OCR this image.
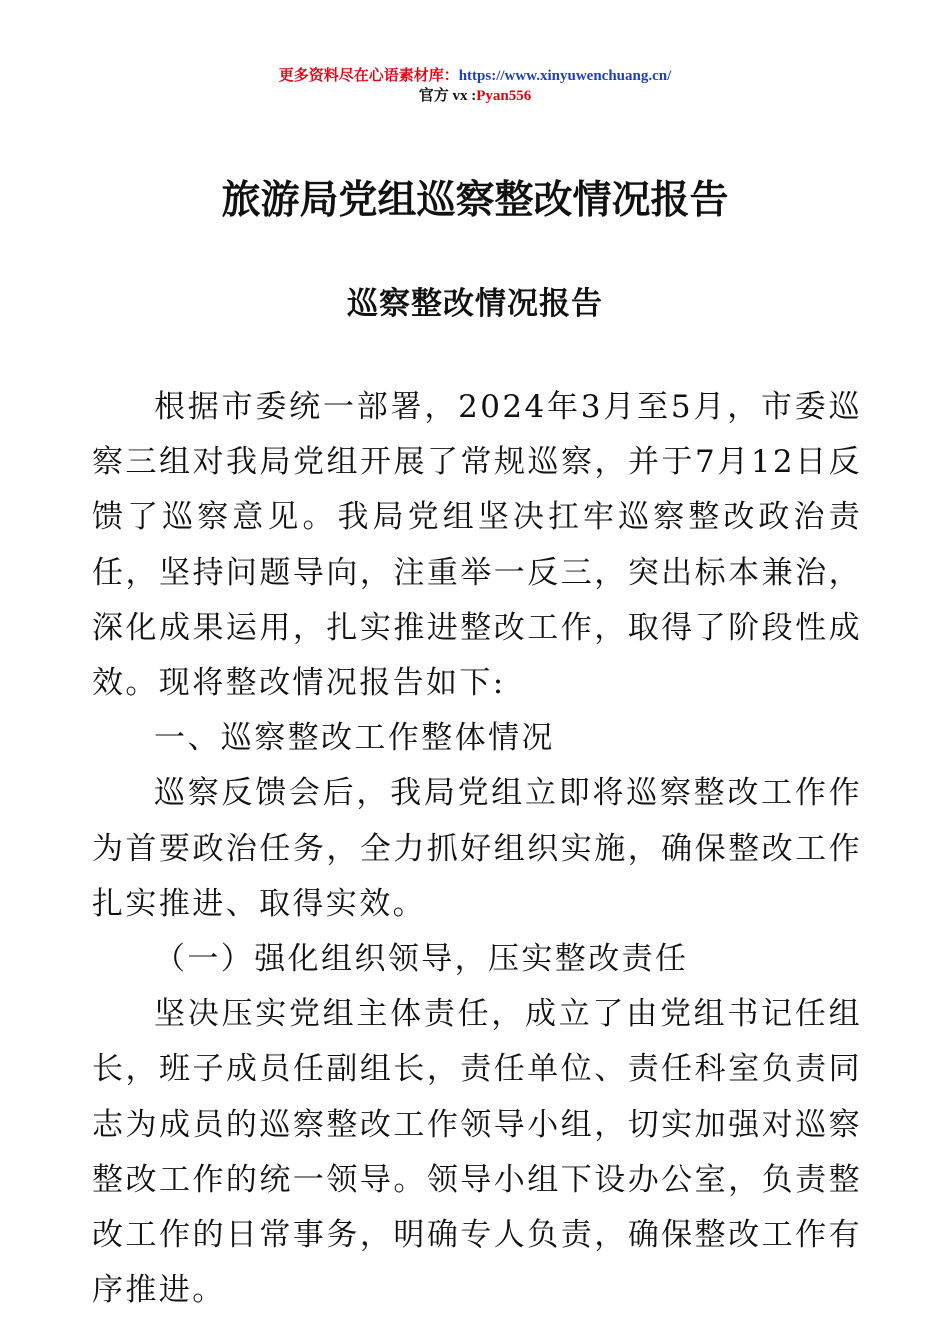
更多资料尽在心语素材库：https://www.xinyuwenchuang.cn/
官方 vx :Pyan556
旅游局党组巡察整改情况报告
巡察整改情况报告

根据市委统一部署，2024年3月至5月，市委巡察三组对我局党组开展了常规巡察，并于7月12日反馈了巡察意见。我局党组坚决扛牢巡察整改政治责任，坚持问题导向，注重举一反三，突出标本兼治，深化成果运用，扎实推进整改工作，取得了阶段性成效。现将整改情况报告如下:

一、巡察整改工作整体情况

巡察反馈会后，我局党组立即将巡察整改工作作为首要政治任务，全力抓好组织实施，确保整改工作扎实推进、取得实效。

（一）强化组织领导，压实整改责任

坚决压实党组主体责任，成立了由党组书记任组长，班子成员任副组长，责任单位、责任科室负责同志为成员的巡察整改工作领导小组，切实加强对巡察整改工作的统一领导。领导小组下设办公室，负责整改工作的日常事务，明确专人负责，确保整改工作有序推进。
